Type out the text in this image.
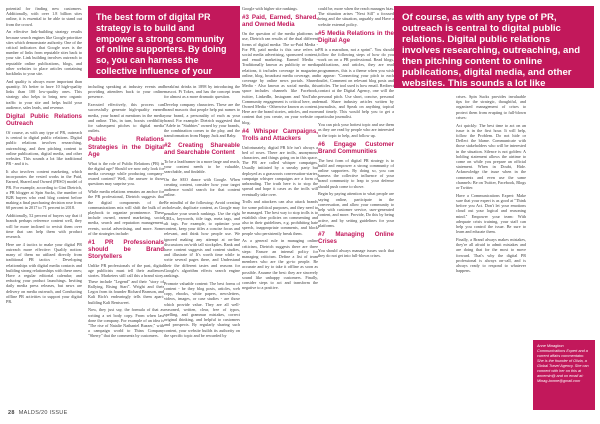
potential for finding new customers. Additionally, with over 1.8 billion sites online, it is essential to be able to stand out from the crowd.

An effective link-building strategy results because search engines like Google prioritize sites which demonstrate authority. One of the critical indicators that Google uses is the number of links from reputable sites back to your site. Link building involves outreach to reputable online publications, blogs, and other websites to place articles containing backlinks to your site.

And quality is always more important than quantity. It's better to have 10 high-quality links than 100 low-quality ones. This strategy also helps to bring new organic traffic to your site and helps build your audience, sales leads, and revenue.

Digital Public Relations Outreach

Of course, as with any type of PR, outreach is central to digital public relations. Digital public relations involves researching, outreaching, and then pitching content to online publications, digital media, and other websites. This sounds a lot like traditional PR - and it is.

It also involves content marketing, which incorporates the vested works in the Paid, Earned, Shared and Owned (PESO) model of PR. For example, according to Gini Dietrich, a PR blogger at Spin Sucks, the number of B2B buyers who read blog content before making a final purchasing decision rose from 60 percent in 2017 to 71 percent in 2018.

Additionally, 52 percent of buyers say that if brands perhaps reference content well, they will be more inclined to revisit them over time that can help them with product research.

Here are 4 tactics to make your digital PR outreach more effective: Qualify notion: many of them no utilized directly from traditional PR tactics - Developing relationships with digital media contacts and building strong relationships with these ones; Have a regular editorial calendar; and reducing your product launchings. Inviting daily media press releases, but news are delivery on media outreach, and Conducting offline PR activities to support your digital PR.

The best form of digital PR strategy is to build and empower a strong community of online supporters. By doing so, you can harness the collective influence of your

including speaking at industry events and providing attendees back to your online presence.

Executed effectively, this process can successfully generate high-quality earned media, your brand at mentions in the media and online. This, in turn, boosts credibility for subsequent pitches to digital media outlets.

Public Relations Strategies in the Digital Age

What is the role of Public Relations (PR) in the digital age? Should we now only look for media coverage while producing company-owned content? Well, the answer to those questions may surprise you.

While media relations remains an anchor for the PR professional, Dietrich suggests that the digital components of the communications mix will shift the bulk of a playbook to organize prominence. These include owned, earned marketing, social media, search and reputation management, events, social advertising, and more. Some of the strategies include:

#1 PR Professionals should be Brand Storytellers

Unlike PR professionals of the past, digital age publicists must tell their audiences stories. Marketers still call this a brand story. These include "Legend" and their "story of Rallying, Rising Start". Wright and their Legos from its founder Richard Branson, and Kali Rich's endearingly tells them apart: building Kali Rentsweet.

Now, they just say, the formula of that as writing a set body copy. From when last done the company. For example of an idea is "The rise of Natalie Nathaniel Buzzer," with a campaign world to Thinx Company "Sherry" that the comments by customers.

breakfast drinks in 1898 by introducing the mascot. Pi Tokes, and has the concept team for almost as a more dramatic question.

Develop company characters. These are the brand mascots that people help put names to your brand, a personality of each as your brand. For example: Dietrich suggested that "Adele in "Stubbies" owned by your brands, the combination comes to the play, and the transformation from Happy Jack and Baby.

#2 Creating Shareable and Searchable Content

To be a leadframer in a more large and reach, your content needs to be valuable, searchable, and findable.

On the SEO dance with Google. When creating content, consider how your target audience would search for that content online.

Be mindful of the following: Avoid creating wholesale, duplicate content, as Google may penalize your search rankings. Use the right URLs, keywords, title tags, meta tags, and alt tags. For example, to optimize your content, keep your titles a concise focus and relevant, and think how people use. We ignored making any attempt at on-line discussions on/with tall stockpiles. Rank and have content suggests and content studies, and illustrate it! It's worth time while to write several pages there, and Understand their the different tastes and reasons for Google's algorithm effects search engine rankings.

Promote valuable content: The best forms of content - be they blog posts, articles, web copy, ebooks, white papers, newsletters, videos, images, or case studies - are those which provide value. They are all well-reasoned, written, clear, free of typos, spelling, and grammar mistakes, correct original thinking, and helpful to customers and prospects. By regularly sharing such content, your website builds its authority on the specific topic and be rewarded by

Google with higher site rankings.

#3 Paid, Earned, Shared, and Owned Media

On the question of the media platforms in use, Dietrich ran results of the dual different forms of digital media: The so-Paid Media - For PR, paid media is this case refers to social media advertising, sponsored content, and email marketing. Earned Media - Traditionally known as publicity or media relations, it includes coverage in magazine, online, blog, broadcast media coverage, and coverage by online news portals. Shared Media - Also known as social media, this space includes channels like Facebook, twitter, LinkedIn, Instagram and YouTube. Community engagement is critical here, and Owned Media - Otherwise known as content. Here are the brand stories, articles, and more content that you create, on your website or blog.

#4 Whisper Campaigns, Trolls and Attackers

Unfortunately, digital PR life isn't always a bed of roses. There are trolls, anonymous characters, and things going on in this space. The PR are called whisper campaigns. Usually initiated by a sneaky party but deployed as a grassroots conversation-starter, campaign whisper campaigns are a form of unbranding. The truth here is to stop the spread and hope it cases as the trolls will eventually take over.

Trolls and attackers can also attack brands for some political purposes, and they need to be managed. The best way to stop trolls is to establish clear policies on commenting and also in their guidelines, e.g. prohibiting hate speech, inappropriate comments, and block people who persistently break them.

As a general rule in managing online criticism, Dietrich suggests there are three steps: Ensure an internal policy for managing criticism. Define a list of team members who are the go-to people. Be accurate and try to take it offline as soon as possible. Assume the best: they are sincerely sound like unhappy customers. Finally, consider steps to act and transform the negative to a positive.

Of course, as with any type of PR, outreach is central to digital public relations. Digital public relations involves researching, outreaching, and then pitching content to online publications, digital media, and other websites. This sounds a lot like

could be, more when the reach manages bias. The situation arises "Next Sill" a focused being and the situation, arguably and Have a website external policy.

#5 Media Relations in the Digital Age

PR is a marathon, not a sprint". You should follow the following steps of how do you work on on a PR professional. Read blogs, publications, and articles, they are read programmes, this is a theme when you wish to appear: "Connecting your pitch to each outlet, Comment on relevant blog posts and articles. The tool used is how email. Redirect contact at the Digital Agency, one will the personal pitch. Use short, concise, personal email. Share industry articles written by journalists, and Speak on anything topical and timely. This would help you to get a particular journalist.

You can pick your hottest topic and use them as they are read by people who are interested in the topic to help, and follow up.

#6 Engage Customer Brand Communities

The best form of digital PR strategy is to build and empower a strong community of online supporters. By doing so, you can harness the collective influence of your brand community to leap to your defense should push come to shove.

Begin by paying attention to what people are saying online, participate in the conversation, and allow your community to help with customer service, user-generated content, and more. Provide, Do this by being active, and by setting guidelines for your platforms.

#7 Managing Online Crises

You should always manage issues such that they do not get into full-blown crises.

crises. Spin Sucks provides invaluable tips for the strategic, thoughtful, and organized management of crises to protect them from erupting to full-blown crises:

Act quickly: The best time to act on an issue is in the first hour. It will help, follow the Problem. Do not hide or Deflect the blame. Communicate with those stakeholders who will be interested in the situation. Silence is not golden: A holding statement allows the airtime to come on while you prepare an official statement. When in Doubt, Hide. Acknowledge the issue when in the comments and even use the same channels: Be on Twitter, Facebook, Blogs or Twitter.

Have a Communications Expert: Make sure that your expert is as good at "Think before you Act. Don't let your emotions cloud out your logical and reasoning mind." Empower your team: With adequate crisis training, your staff can help you control the issue. Be sure to learn and educate them.

Finally, a Brand always makes mistakes, they're all afraid to admit mistakes and are doing that for the most to move forward. That's why the digital PR professional is always on-call, and is always ready to respond to whatever happens.

Anne Minagbon Communications Expert and a current affairs commentator. She is the founder of Olivia, a Global Travel Agency. She can connect with her on this at annemin@ and on email at: Minag-bonne@gmail.com
28 MALDS/20 ISSUE
